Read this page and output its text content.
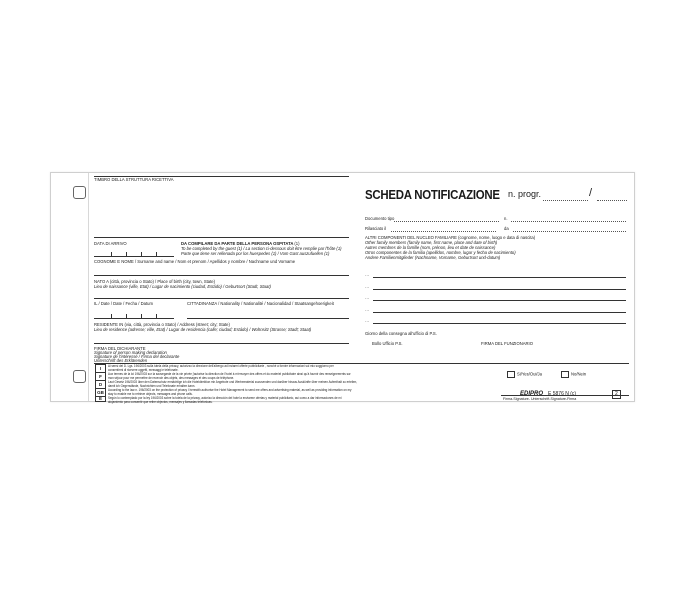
TIMBRO DELLA STRUTTURA RICETTIVA
SCHEDA NOTIFICAZIONE n. progr.	/
Documento tipo	n.
Rilasciato il	da
ALTRI COMPONENTI DEL NUCLEO FAMILIARE (cognome, nome, luogo e data di nascita)
Other family members (family name, first name, place and date of birth)
Autres membres de la famille (nom, prénon, lieu et date de naissance)
Otros componentes de la familia (apellidos, nombre, lugar y fecha de nacimiento)
Andere Familienmitglieder (Nachname, Vorname, Geburtsort und-datum)
…
…
…
…
…
Giorno della consegna all'ufficio di P.S.
Bollo Ufficio P.S.	FIRMA DEL FUNZIONARIO
DATA DI ARRIVO	DA COMPILARE DA PARTE DELLA PERSONA OSPITATA (1)
To be completed by the guest (1) / La section ci-dessous doit être remplie par l'hôte (1)
Parte que tiene ser rellenada por los huespedes (1) / Vom Gast auszufuellen (1)
COGNOME E NOME / Surname and name / Nom et prenom / Apellidos y nombre / Nachname und Vorname
NATO A (città, provincia o Stato) / Place of birth (city, town, State)
Lieu de naissance (ville, Etat) / Lugar de nacimiento (ciudad, Estádo) / Geburtsort (Stadt, Staat)
IL / Date / Date / Fecha / Datum	CITTADINANZA / Nationality / Nationalité / Nacionalidad / Staatsangehoerigkeit
RESIDENTE IN (via, città, provincia o Stato) / Address (street; city; State)
Lieu de residence (adresse; ville, Etat) / Lugar de residencia (calle; ciudad; Estádo) / Wohnsitz (Strasse; Stadt; Staat)
FIRMA DEL DICHIARANTE
Signature of person making declaration
Signature de l'intéressé / Firma del declarante
Unterschrift des Erklärenden
I
F
D
GB
E
Ai sensi del D. Lgs. 196/2003 sulla tutela della privacy, autorizzo la direzione dell'albergo ad inviarmi offerte pubblicitarie , nonché a fornire informazioni sul mio soggiorno per
consentirmi di ricevere oggetti, messaggi e telefonate.
Aux termes de la loi 196/2003 sur la sauvegarde de la vie privée j'autorise la direction de l'hotel à m'envoyer des offres et du materiel publicitaire ainsi qu'à fournir des renseignements sur
mon séjour pour me permettre de recevoir des objets, des messages et des coups de téléphone.
Laut Gesetz 196/2003 über den Datenschutz ermächtige ich die Hoteldirektion mir Angebote und Werbematerial zuzusenden und darüber hinaus Auskünfte über meinen Aufenthalt zu erteilen,
damit ich Gegenstände, Nachrichten und Telefonate erhalten kann.
According to the law n. 196/2003 on the protection of privacy I herewith authorise the Hotel Management to send me offers and advertising material, as well as providing information on my
stay to enable me to retrieve objects, messages and phone calls.
Según lo contemplado por la ley 196/2003 sobre la tutela de la privacy, autorizo la dirección del hotel a enviarme ofertas y material publicitario, así como a dar informaciones de mi
alojamiento para consentir que retire objectos, mensajes y llamadas telefonicas.
Si/Yes/Oui/Ja	No/Nein
Firma-Signature- Unterschrift-Signature-Firma
EDIPRO E 5876 N (c)	2
